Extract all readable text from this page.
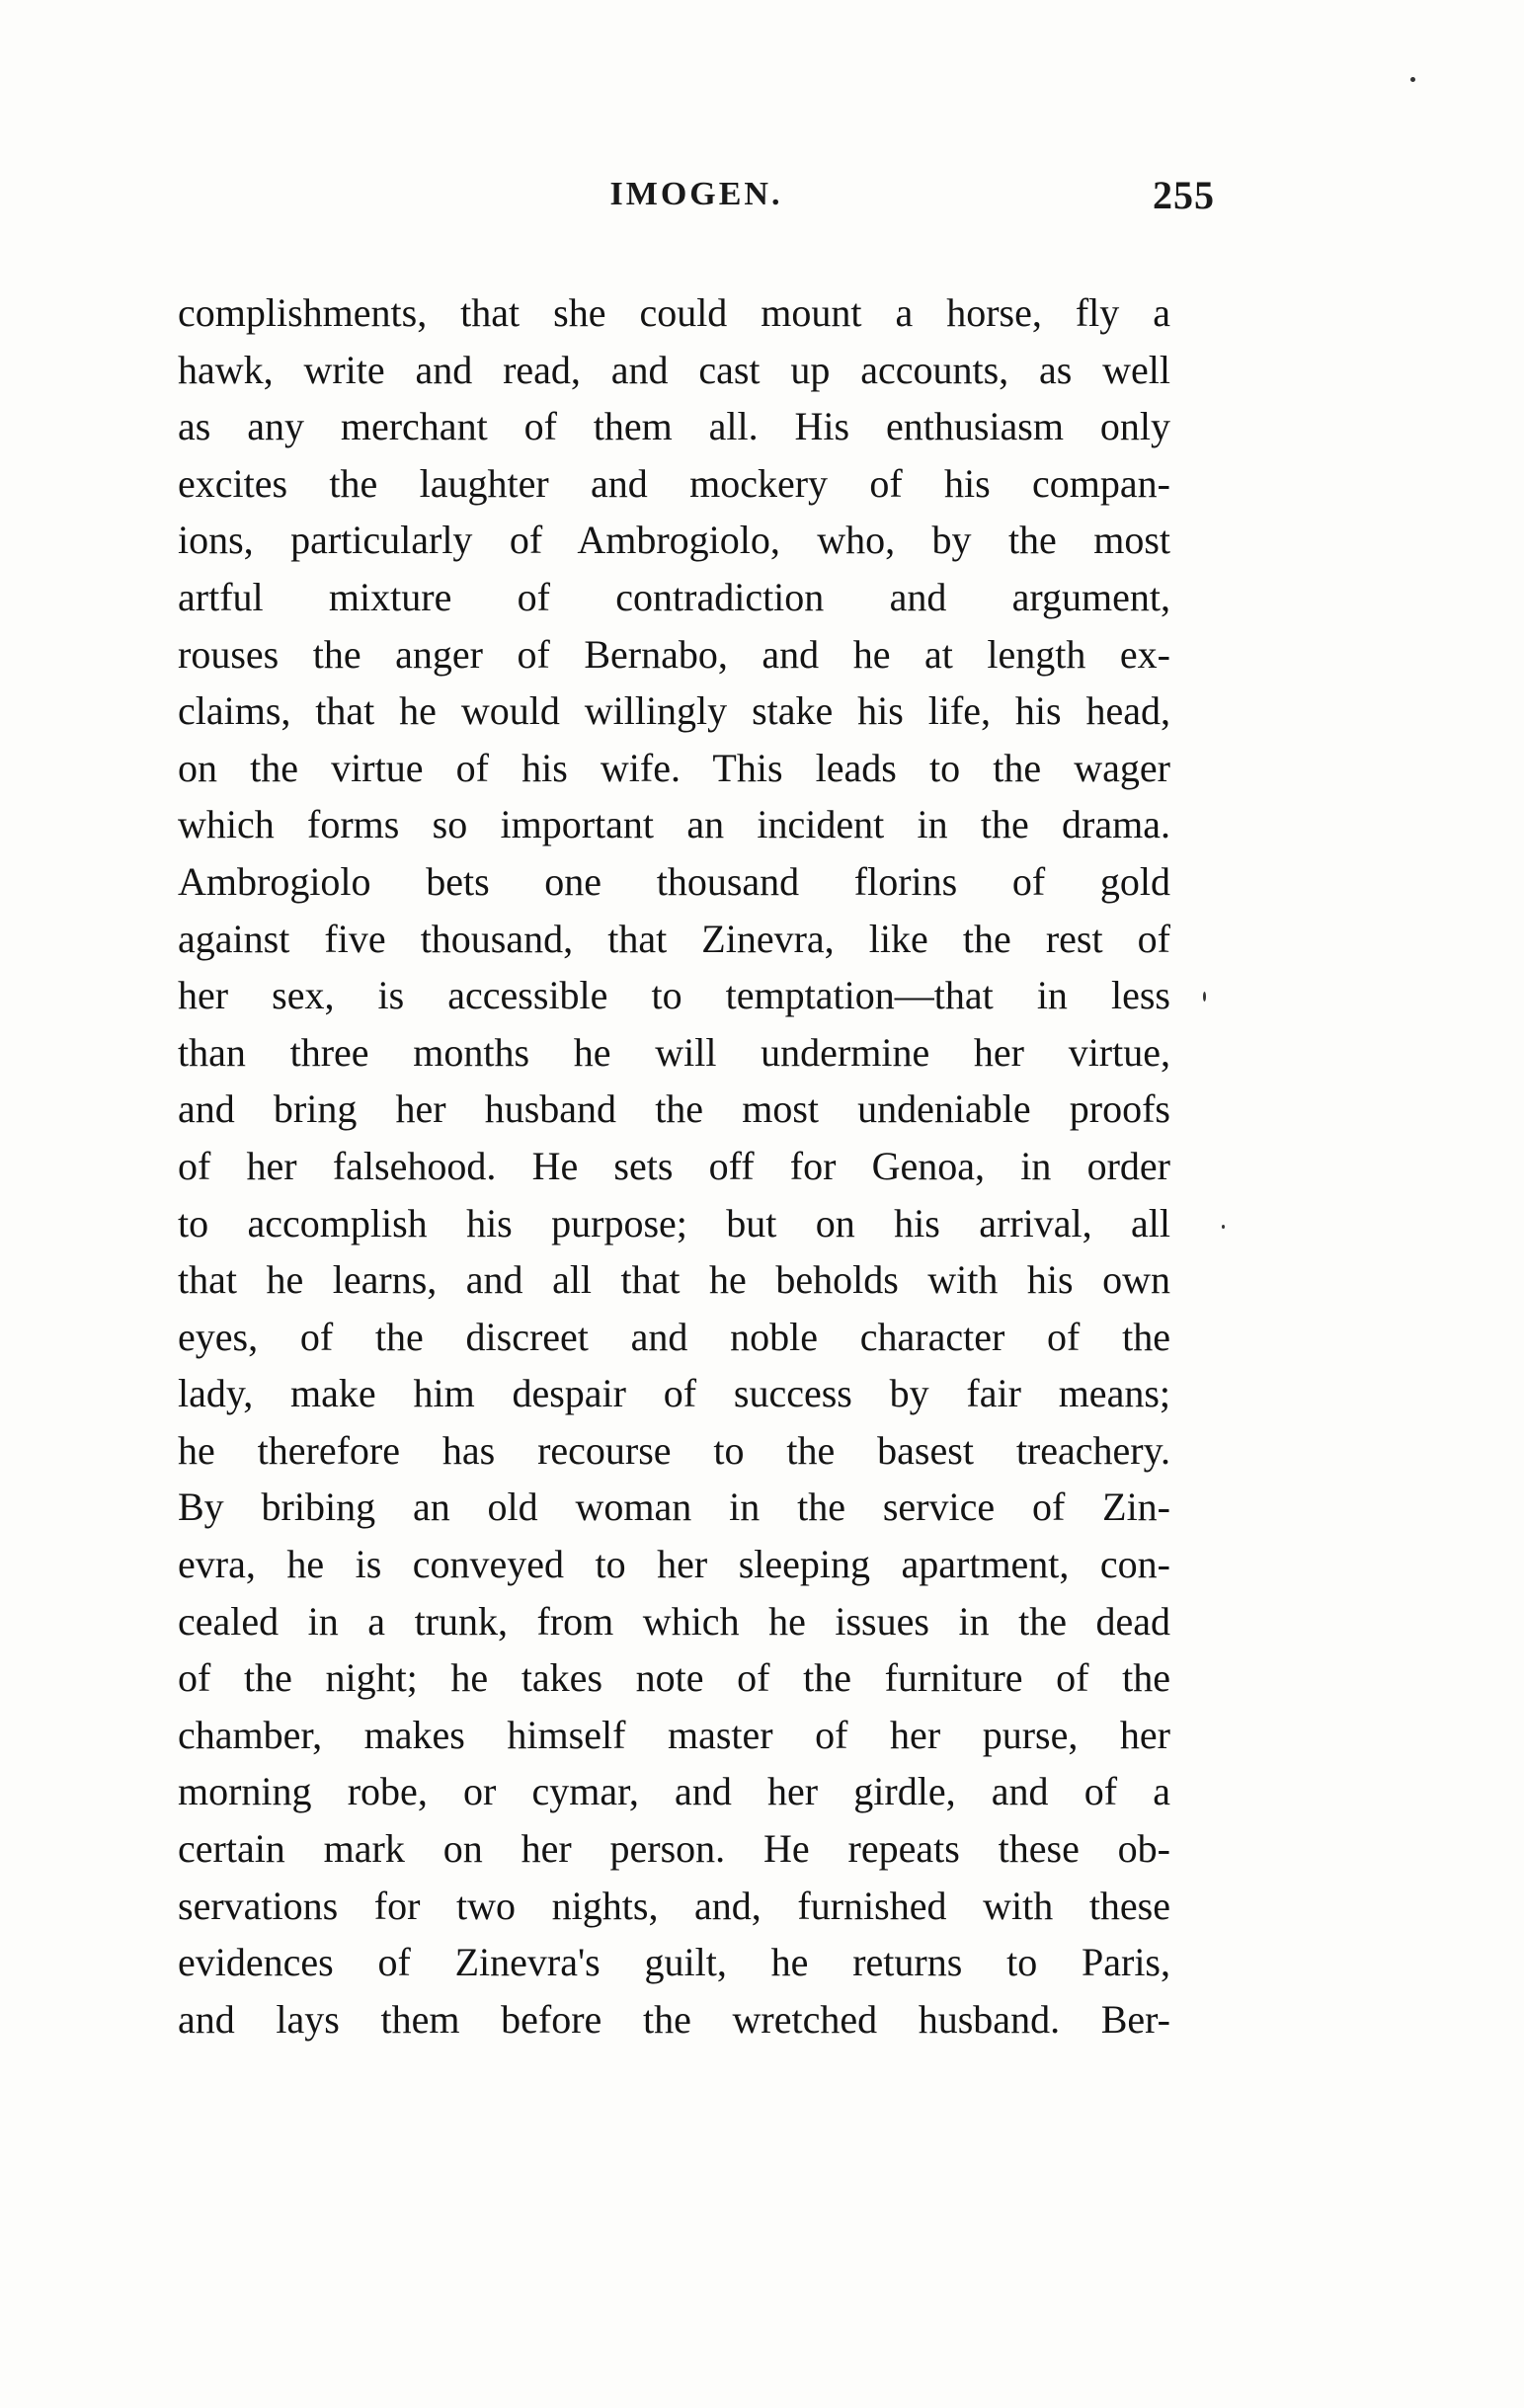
IMOGEN.	255
complishments, that she could mount a horse, fly a
hawk, write and read, and cast up accounts, as well
as any merchant of them all. His enthusiasm only
excites the laughter and mockery of his compan-
ions, particularly of Ambrogiolo, who, by the most
artful mixture of contradiction and argument,
rouses the anger of Bernabo, and he at length ex-
claims, that he would willingly stake his life, his head,
on the virtue of his wife. This leads to the wager
which forms so important an incident in the drama.
Ambrogiolo bets one thousand florins of gold
against five thousand, that Zinevra, like the rest of
her sex, is accessible to temptation—that in less
than three months he will undermine her virtue,
and bring her husband the most undeniable proofs
of her falsehood. He sets off for Genoa, in order
to accomplish his purpose; but on his arrival, all
that he learns, and all that he beholds with his own
eyes, of the discreet and noble character of the
lady, make him despair of success by fair means;
he therefore has recourse to the basest treachery.
By bribing an old woman in the service of Zin-
evra, he is conveyed to her sleeping apartment, con-
cealed in a trunk, from which he issues in the dead
of the night; he takes note of the furniture of the
chamber, makes himself master of her purse, her
morning robe, or cymar, and her girdle, and of a
certain mark on her person. He repeats these ob-
servations for two nights, and, furnished with these
evidences of Zinevra's guilt, he returns to Paris,
and lays them before the wretched husband. Ber-
